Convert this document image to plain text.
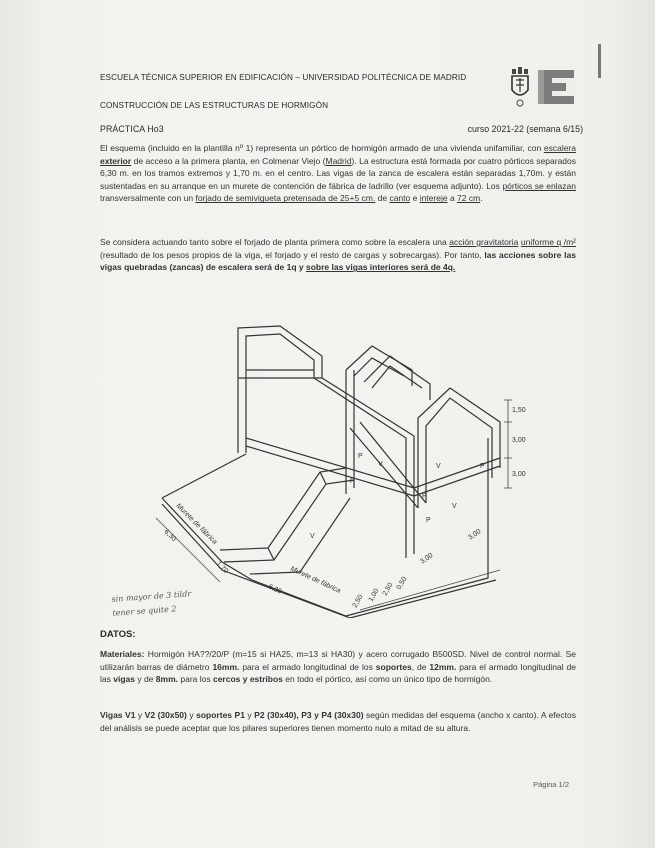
ESCUELA TÉCNICA SUPERIOR EN EDIFICACIÓN – UNIVERSIDAD POLITÉCNICA DE MADRID
CONSTRUCCIÓN DE LAS ESTRUCTURAS DE HORMIGÓN
PRÁCTICA Ho3	curso 2021-22 (semana 6/15)
El esquema (incluido en la plantilla nº 1) representa un pórtico de hormigón armado de una vivienda unifamiliar, con escalera exterior de acceso a la primera planta, en Colmenar Viejo (Madrid). La estructura está formada por cuatro pórticos separados 6,30 m. en los tramos extremos y 1,70 m. en el centro. Las vigas de la zanca de escalera están separadas 1,70m. y están sustentadas en su arranque en un murete de contención de fábrica de ladrillo (ver esquema adjunto). Los pórticos se enlazan transversalmente con un forjado de semivigueta pretensada de 25+5 cm. de canto e intereje a 72 cm.
Se considera actuando tanto sobre el forjado de planta primera como sobre la escalera una acción gravitatoria uniforme q /m² (resultado de los pesos propios de la viga, el forjado y el resto de cargas y sobrecargas). Por tanto, las acciones sobre las vigas quebradas (zancas) de escalera será de 1q y sobre las vigas interiores será de 4q.
1,50
3,00
3,00
2,50 1,00 2,50 0,50
3,00
3,00
6,30
1,70
6,30
Murete de fábrica
Murete de fábrica
V
V
V
V
P
P
P
P
P
sin mayor de 3 tildr
tener se quite 2
DATOS:
Materiales: Hormigón HA??/20/P (m=15 si HA25, m=13 si HA30) y acero corrugado B500SD. Nivel de control normal. Se utilizarán barras de diámetro 16mm. para el armado longitudinal de los soportes, de 12mm. para el armado longitudinal de las vigas y de 8mm. para los cercos y estribos en todo el pórtico, así como un único tipo de hormigón.
Vigas V1 y V2 (30x50) y soportes P1 y P2 (30x40), P3 y P4 (30x30) según medidas del esquema (ancho x canto). A efectos del análisis se puede aceptar que los pilares superiores tienen momento nulo a mitad de su altura.
Página 1/2
